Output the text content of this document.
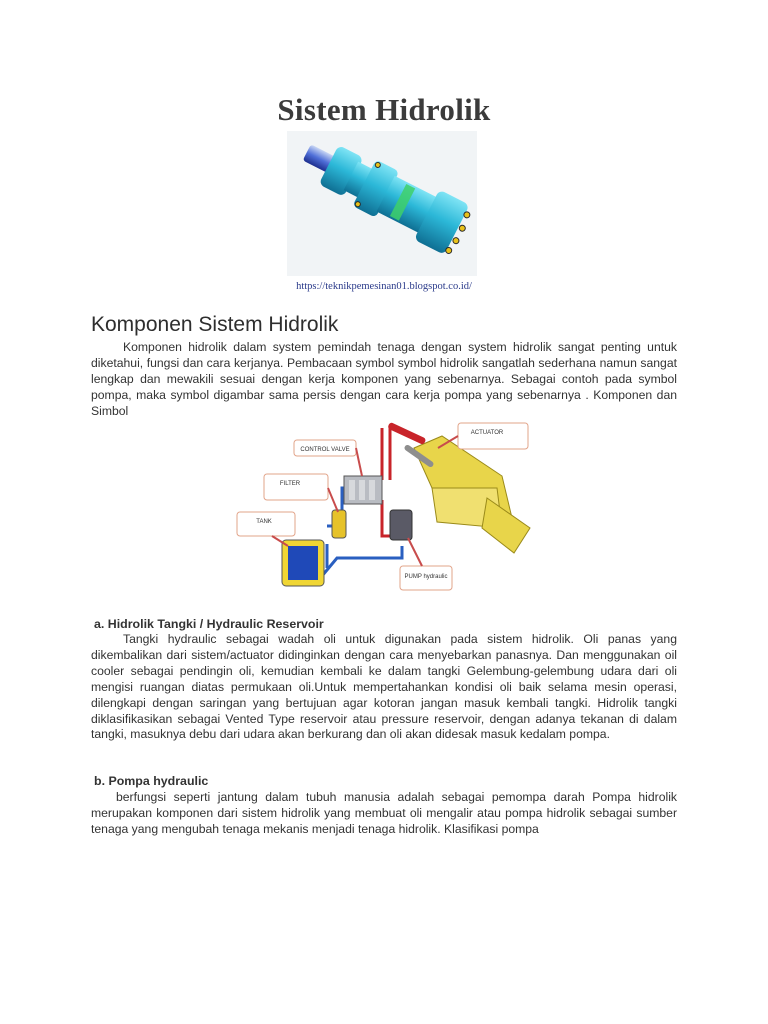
Sistem Hidrolik
https://teknikpemesinan01.blogspot.co.id/
Komponen Sistem Hidrolik

Komponen hidrolik dalam system pemindah tenaga dengan system hidrolik sangat penting untuk diketahui, fungsi dan cara kerjanya. Pembacaan symbol symbol hidrolik sangatlah sederhana namun sangat lengkap dan mewakili sesuai dengan kerja komponen yang sebenarnya. Sebagai contoh pada symbol pompa, maka symbol digambar sama persis dengan cara kerja pompa yang sebenarnya . Komponen dan Simbol

CONTROL VALVE
ACTUATOR
FILTER
TANK
PUMP hydraulic
a. Hidrolik Tangki / Hydraulic Reservoir

Tangki hydraulic sebagai wadah oli untuk digunakan pada sistem hidrolik. Oli panas yang dikembalikan dari sistem/actuator didinginkan dengan cara menyebarkan panasnya. Dan menggunakan oil cooler sebagai pendingin oli, kemudian kembali ke dalam tangki Gelembung-gelembung udara dari oli mengisi ruangan diatas permukaan oli.Untuk mempertahankan kondisi oli baik selama mesin operasi, dilengkapi dengan saringan yang bertujuan agar kotoran jangan masuk kembali tangki. Hidrolik tangki diklasifikasikan sebagai Vented Type reservoir atau pressure reservoir, dengan adanya tekanan di dalam tangki, masuknya debu dari udara akan berkurang dan oli akan didesak masuk kedalam pompa.

b. Pompa hydraulic

berfungsi seperti jantung dalam tubuh manusia adalah sebagai pemompa darah Pompa hidrolik merupakan komponen dari sistem hidrolik yang membuat oli mengalir atau pompa hidrolik sebagai sumber tenaga yang mengubah tenaga mekanis menjadi tenaga hidrolik. Klasifikasi pompa
